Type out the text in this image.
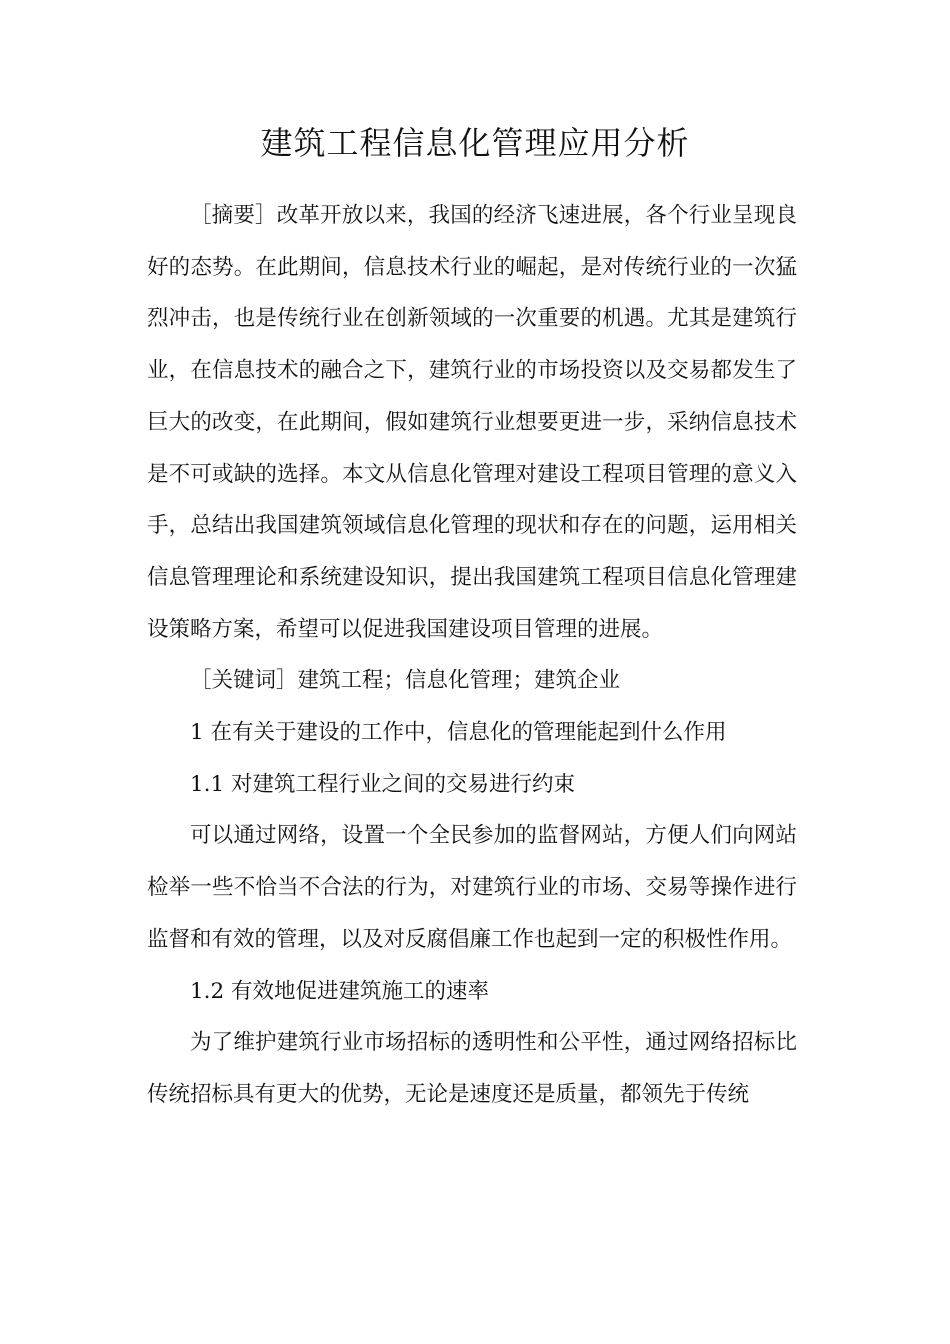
建筑工程信息化管理应用分析

［摘要］改革开放以来，我国的经济飞速进展，各个行业呈现良好的态势。在此期间，信息技术行业的崛起，是对传统行业的一次猛烈冲击，也是传统行业在创新领域的一次重要的机遇。尤其是建筑行业，在信息技术的融合之下，建筑行业的市场投资以及交易都发生了巨大的改变，在此期间，假如建筑行业想要更进一步，采纳信息技术是不可或缺的选择。本文从信息化管理对建设工程项目管理的意义入手，总结出我国建筑领域信息化管理的现状和存在的问题，运用相关信息管理理论和系统建设知识，提出我国建筑工程项目信息化管理建设策略方案，希望可以促进我国建设项目管理的进展。

［关键词］建筑工程；信息化管理；建筑企业

1 在有关于建设的工作中，信息化的管理能起到什么作用

1.1 对建筑工程行业之间的交易进行约束

可以通过网络，设置一个全民参加的监督网站，方便人们向网站检举一些不恰当不合法的行为，对建筑行业的市场、交易等操作进行监督和有效的管理，以及对反腐倡廉工作也起到一定的积极性作用。

1.2 有效地促进建筑施工的速率

为了维护建筑行业市场招标的透明性和公平性，通过网络招标比传统招标具有更大的优势，无论是速度还是质量，都领先于传统
